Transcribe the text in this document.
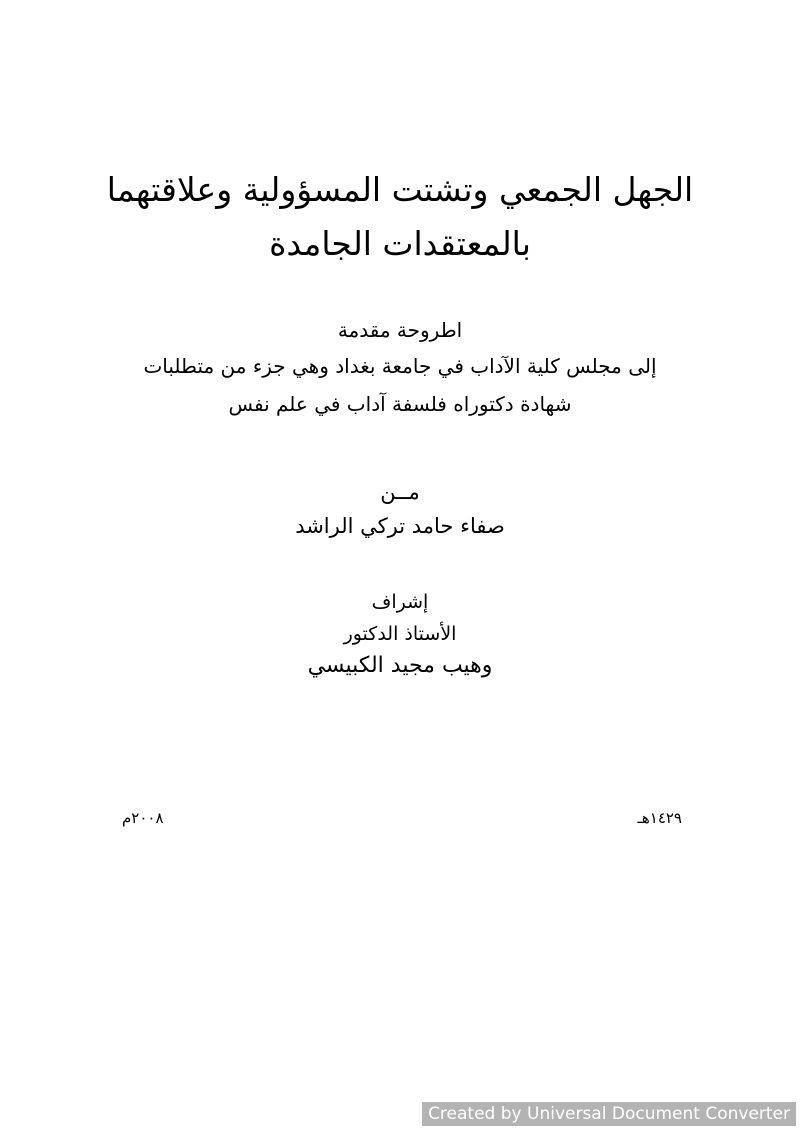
الجهل الجمعي وتشتت المسؤولية وعلاقتهما
بالمعتقدات الجامدة
اطروحة مقدمة
إلى مجلس كلية الآداب في جامعة بغداد وهي جزء من متطلبات
شهادة دكتوراه فلسفة آداب في علم نفس
مــن
صفاء حامد تركي الراشد
إشراف
الأستاذ الدكتور
وهيب مجيد الكبيسي
١٤٢٩هـ
٢٠٠٨م
Created by Universal Document Converter
